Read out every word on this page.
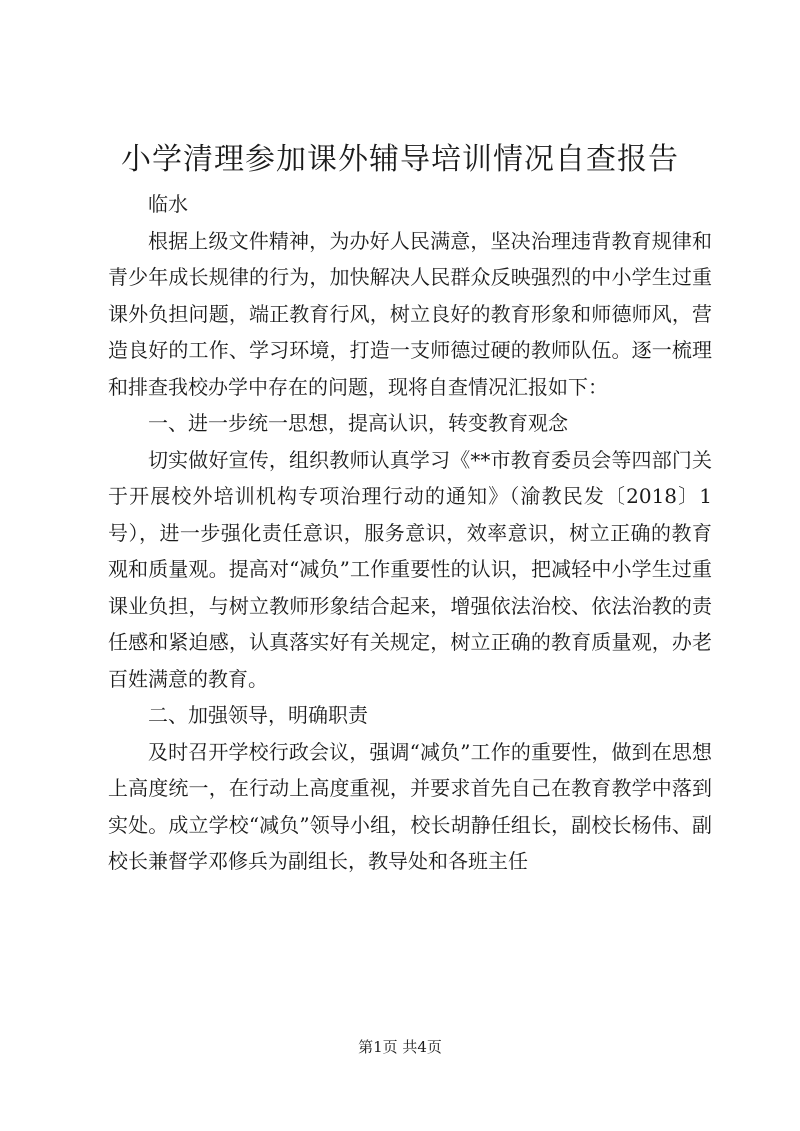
小学清理参加课外辅导培训情况自查报告

临水

根据上级文件精神，为办好人民满意，坚决治理违背教育规律和青少年成长规律的行为，加快解决人民群众反映强烈的中小学生过重课外负担问题，端正教育行风，树立良好的教育形象和师德师风，营造良好的工作、学习环境，打造一支师德过硬的教师队伍。逐一梳理和排查我校办学中存在的问题，现将自查情况汇报如下：

一、进一步统一思想，提高认识，转变教育观念

切实做好宣传，组织教师认真学习《**市教育委员会等四部门关于开展校外培训机构专项治理行动的通知》（渝教民发〔2018〕1号），进一步强化责任意识，服务意识，效率意识，树立正确的教育观和质量观。提高对“减负”工作重要性的认识，把减轻中小学生过重课业负担，与树立教师形象结合起来，增强依法治校、依法治教的责任感和紧迫感，认真落实好有关规定，树立正确的教育质量观，办老百姓满意的教育。

二、加强领导，明确职责

及时召开学校行政会议，强调“减负”工作的重要性，做到在思想上高度统一，在行动上高度重视，并要求首先自己在教育教学中落到实处。成立学校“减负”领导小组，校长胡静任组长，副校长杨伟、副校长兼督学邓修兵为副组长，教导处和各班主任

第1页 共4页
